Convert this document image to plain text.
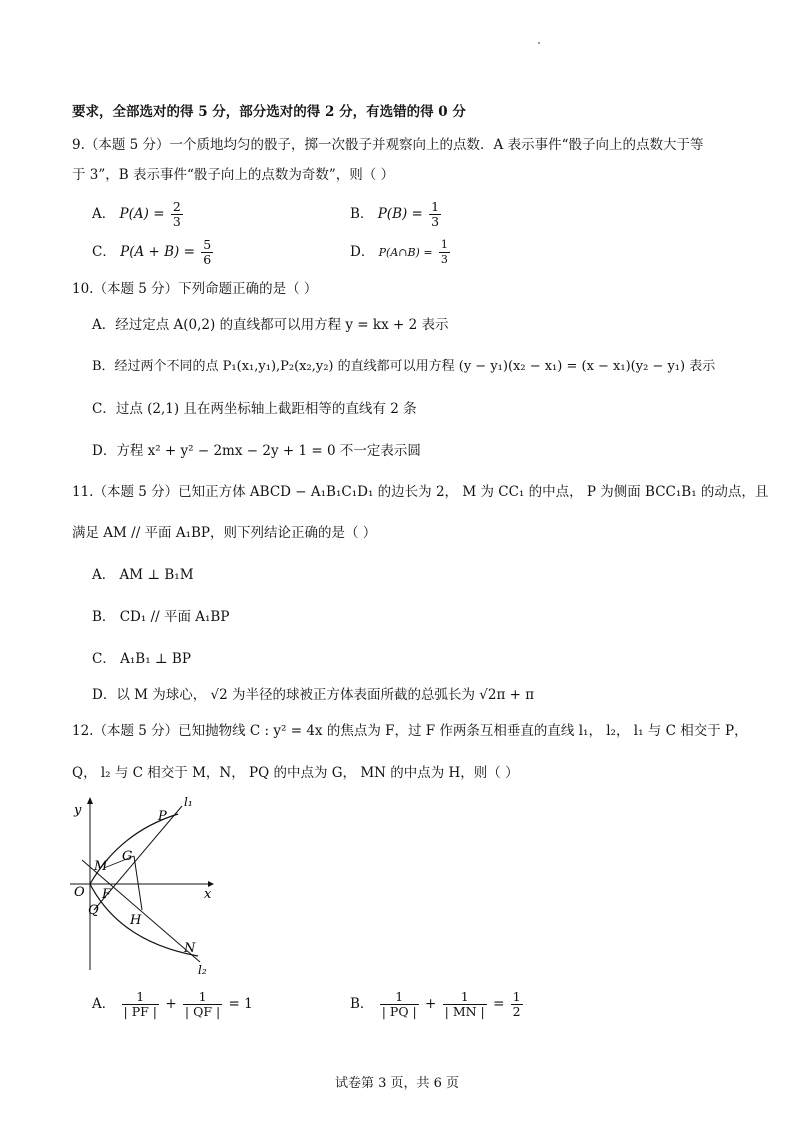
要求，全部选对的得 5 分，部分选对的得 2 分，有选错的得 0 分
9.（本题 5 分）一个质地均匀的骰子，掷一次骰子并观察向上的点数．A 表示事件“骰子向上的点数大于等
于 3”，B 表示事件“骰子向上的点数为奇数”，则（ ）
A． $P(A) = \frac{2}{3}$	B． $P(B) = \frac{1}{3}$
C． $P(A + B) = \frac{5}{6}$	D． P(A∩B) = $\frac{1}{3}$
10.（本题 5 分）下列命题正确的是（ ）
A．经过定点 A(0,2) 的直线都可以用方程 y = kx + 2 表示
B．经过两个不同的点 P₁(x₁,y₁),P₂(x₂,y₂) 的直线都可以用方程 (y − y₁)(x₂ − x₁) = (x − x₁)(y₂ − y₁) 表示
C．过点 (2,1) 且在两坐标轴上截距相等的直线有 2 条
D．方程 x² + y² − 2mx − 2y + 1 = 0 不一定表示圆
11.（本题 5 分）已知正方体 ABCD − A₁B₁C₁D₁ 的边长为 2， M 为 CC₁ 的中点， P 为侧面 BCC₁B₁ 的动点，且
满足 AM // 平面 A₁BP，则下列结论正确的是（ ）
A． AM ⊥ B₁M
B． CD₁ // 平面 A₁BP
C． A₁B₁ ⊥ BP
D．以 M 为球心， √2 为半径的球被正方体表面所截的总弧长为 √2π + π
12.（本题 5 分）已知抛物线 C : y² = 4x 的焦点为 F，过 F 作两条互相垂直的直线 l₁， l₂， l₁ 与 C 相交于 P，
Q， l₂ 与 C 相交于 M，N， PQ 的中点为 G， MN 的中点为 H，则（ ）
y
x
O F
M
G
P
Q
H
N
l₁
l₂
A． $\frac{1}{| PF |} + \frac{1}{| QF |} = 1$	B． $\frac{1}{| PQ |} + \frac{1}{| MN |} = \frac{1}{2}$
试卷第 3 页，共 6 页
